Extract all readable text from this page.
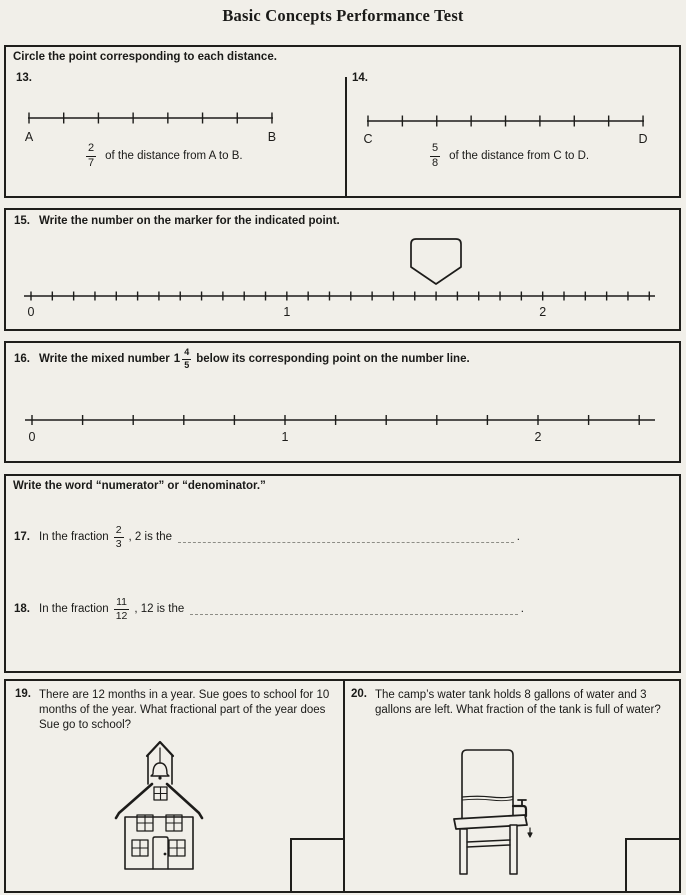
Basic Concepts Performance Test
Circle the point corresponding to each distance.
13.
A	B
$\frac{2}{7}$ of the distance from A to B.
14.
C	D
$\frac{5}{8}$ of the distance from C to D.
15. Write the number on the marker for the indicated point.
0	1	2
16. Write the mixed number $1 \frac{4}{5}$ below its corresponding point on the number line.
0	1	2
Write the word “numerator” or “denominator.”
17. In the fraction $\frac{2}{3}$ , 2 is the	.
18. In the fraction $\frac{11}{12}$ , 12 is the	.
19. There are 12 months in a year. Sue goes to school for 10 months of the year. What fractional part of the year does Sue go to school?
20. The camp’s water tank holds 8 gallons of water and 3 gallons are left. What fraction of the tank is full of water?
